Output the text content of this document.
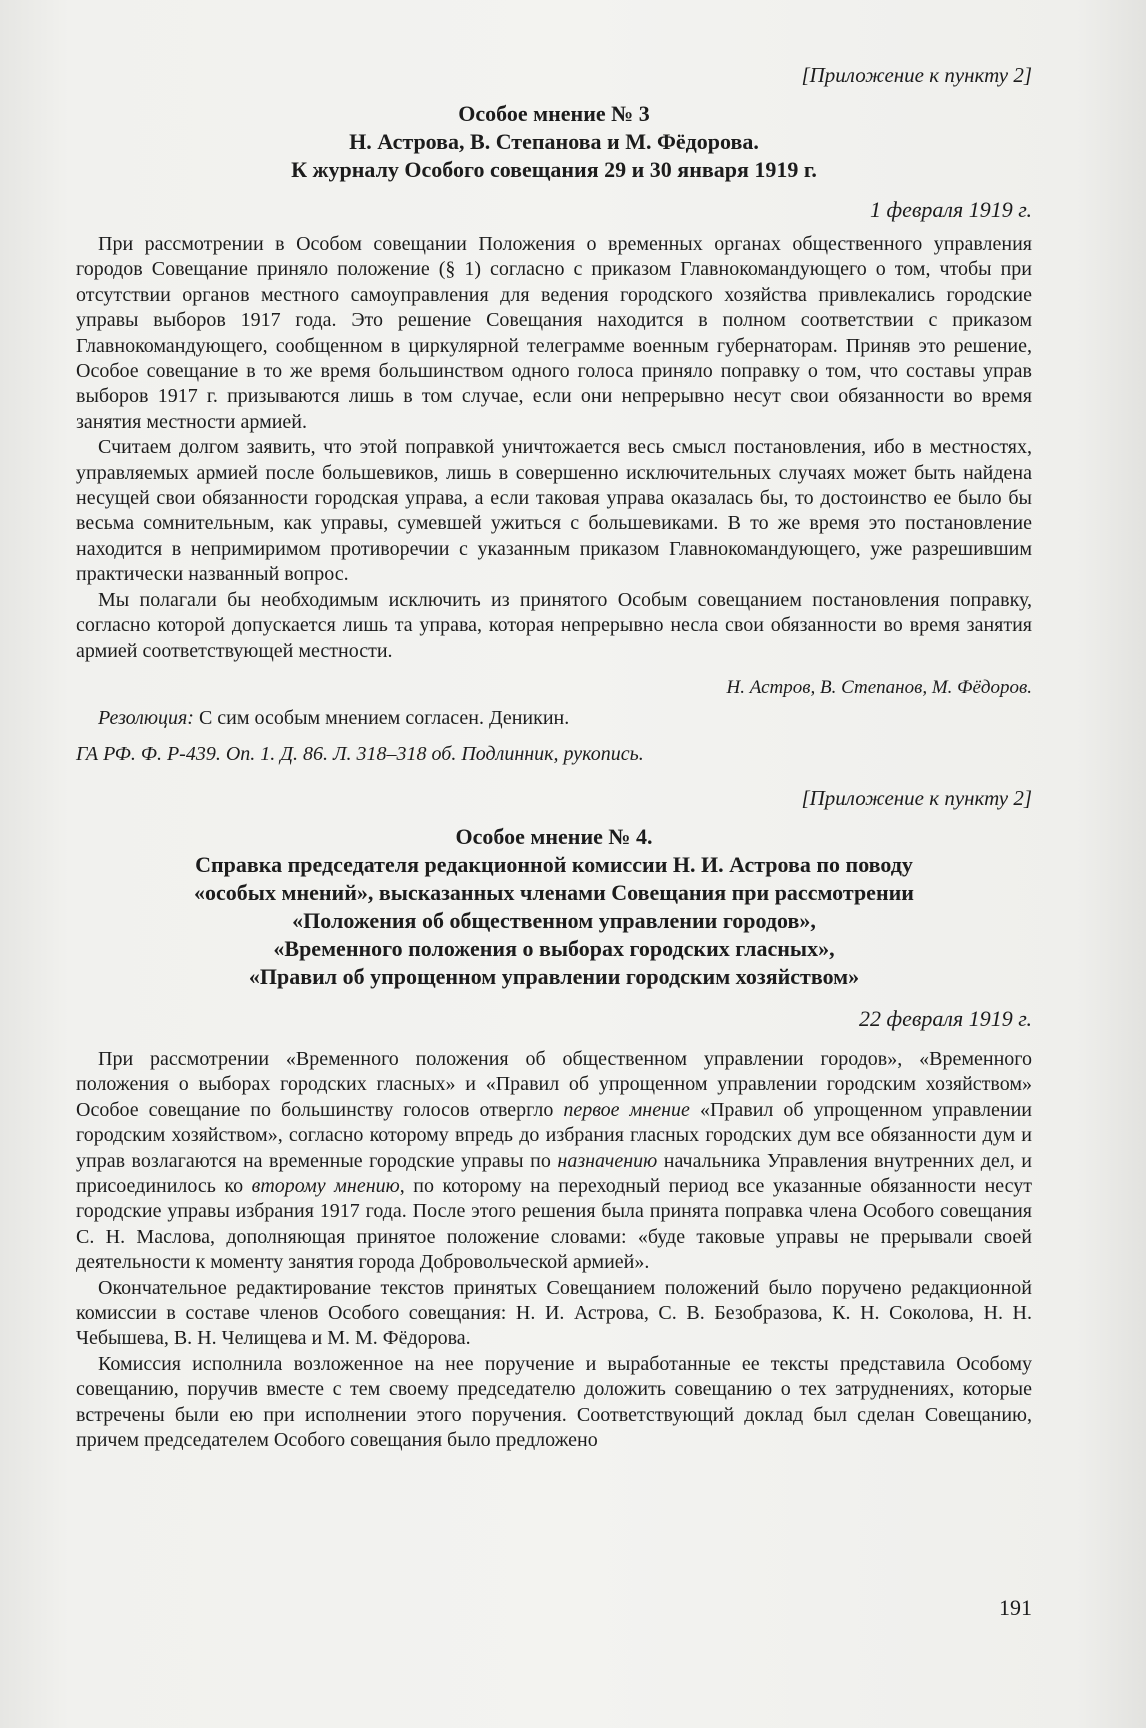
[Приложение к пункту 2]
Особое мнение № 3
Н. Астрова, В. Степанова и М. Фёдорова.
К журналу Особого совещания 29 и 30 января 1919 г.
1 февраля 1919 г.

При рассмотрении в Особом совещании Положения о временных органах общественного управления городов Совещание приняло положение (§ 1) согласно с приказом Главнокомандующего о том, чтобы при отсутствии органов местного самоуправления для ведения городского хозяйства привлекались городские управы выборов 1917 года. Это решение Совещания находится в полном соответствии с приказом Главнокомандующего, сообщенном в циркулярной телеграмме военным губернаторам. Приняв это решение, Особое совещание в то же время большинством одного голоса приняло поправку о том, что составы управ выборов 1917 г. призываются лишь в том случае, если они непрерывно несут свои обязанности во время занятия местности армией.

Считаем долгом заявить, что этой поправкой уничтожается весь смысл постановления, ибо в местностях, управляемых армией после большевиков, лишь в совершенно исключительных случаях может быть найдена несущей свои обязанности городская управа, а если таковая управа оказалась бы, то достоинство ее было бы весьма сомнительным, как управы, сумевшей ужиться с большевиками. В то же время это постановление находится в непримиримом противоречии с указанным приказом Главнокомандующего, уже разрешившим практически названный вопрос.

Мы полагали бы необходимым исключить из принятого Особым совещанием постановления поправку, согласно которой допускается лишь та управа, которая непрерывно несла свои обязанности во время занятия армией соответствующей местности.

Н. Астров, В. Степанов, М. Фёдоров.
Резолюция: С сим особым мнением согласен. Деникин.
ГА РФ. Ф. Р-439. Оп. 1. Д. 86. Л. 318–318 об. Подлинник, рукопись.
[Приложение к пункту 2]
Особое мнение № 4.
Справка председателя редакционной комиссии Н. И. Астрова по поводу
«особых мнений», высказанных членами Совещания при рассмотрении
«Положения об общественном управлении городов»,
«Временного положения о выборах городских гласных»,
«Правил об упрощенном управлении городским хозяйством»
22 февраля 1919 г.

При рассмотрении «Временного положения об общественном управлении городов», «Временного положения о выборах городских гласных» и «Правил об упрощенном управлении городским хозяйством» Особое совещание по большинству голосов отвергло первое мнение «Правил об упрощенном управлении городским хозяйством», согласно которому впредь до избрания гласных городских дум все обязанности дум и управ возлагаются на временные городские управы по назначению начальника Управления внутренних дел, и присоединилось ко второму мнению, по которому на переходный период все указанные обязанности несут городские управы избрания 1917 года. После этого решения была принята поправка члена Особого совещания С. Н. Маслова, дополняющая принятое положение словами: «буде таковые управы не прерывали своей деятельности к моменту занятия города Добровольческой армией».

Окончательное редактирование текстов принятых Совещанием положений было поручено редакционной комиссии в составе членов Особого совещания: Н. И. Астрова, С. В. Безобразова, К. Н. Соколова, Н. Н. Чебышева, В. Н. Челищева и М. М. Фёдорова.

Комиссия исполнила возложенное на нее поручение и выработанные ее тексты представила Особому совещанию, поручив вместе с тем своему председателю доложить совещанию о тех затруднениях, которые встречены были ею при исполнении этого поручения. Соответствующий доклад был сделан Совещанию, причем председателем Особого совещания было предложено

191
